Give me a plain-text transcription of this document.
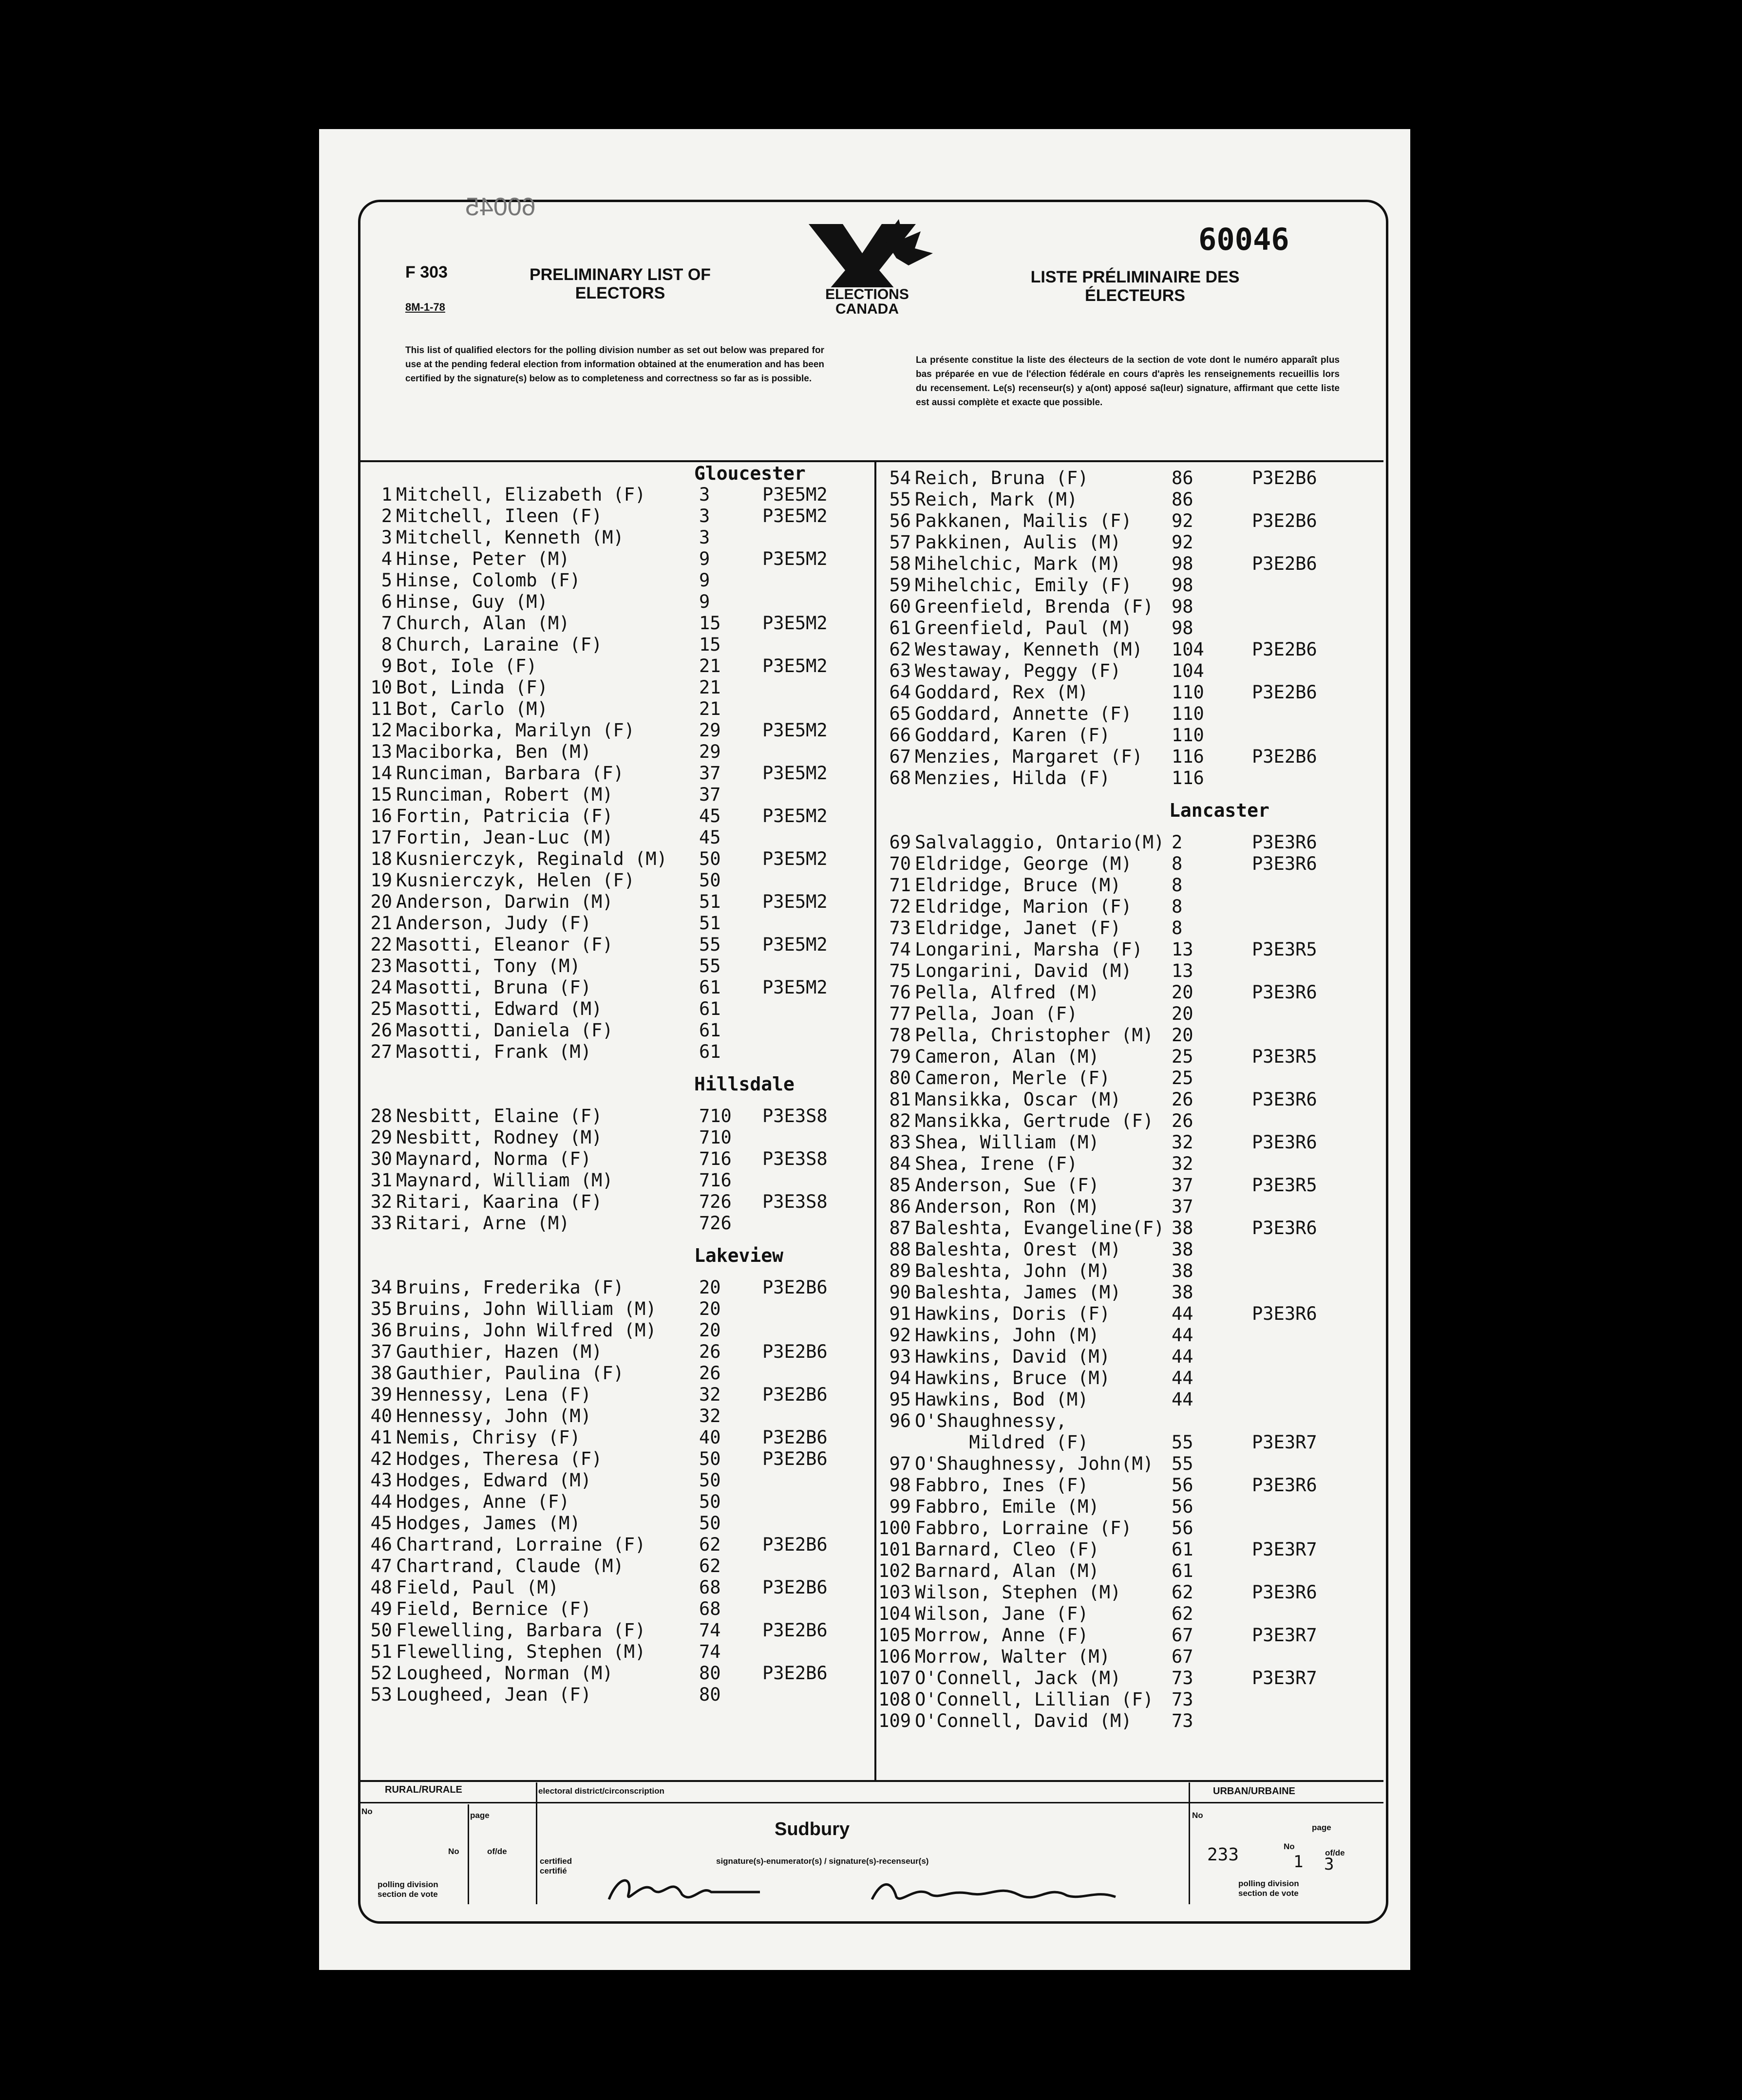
60045
F 303
8M-1-78
PRELIMINARY LIST OF ELECTORS
LISTE PRÉLIMINAIRE DES ÉLECTEURS
60046
ELECTIONS CANADA
This list of qualified electors for the polling division number as set out below was prepared for use at the pending federal election from information obtained at the enumeration and has been certified by the signature(s) below as to completeness and correctness so far as is possible.
La présente constitue la liste des électeurs de la section de vote dont le numéro apparaît plus bas préparée en vue de l'élection fédérale en cours d'après les renseignements recueillis lors du recensement. Le(s) recenseur(s) y a(ont) apposé sa(leur) signature, affirmant que cette liste est aussi complète et exacte que possible.
Gloucester
1 Mitchell, Elizabeth (F)	3	P3E5M2
2 Mitchell, Ileen (F)	3	P3E5M2
3 Mitchell, Kenneth (M)	3
4 Hinse, Peter (M)	9	P3E5M2
5 Hinse, Colomb (F)	9
6 Hinse, Guy (M)	9
7 Church, Alan (M)	15 P3E5M2
8 Church, Laraine (F)	15
9 Bot, Iole (F)	21 P3E5M2
10 Bot, Linda (F)	21
11 Bot, Carlo (M)	21
12 Maciborka, Marilyn (F)	29 P3E5M2
13 Maciborka, Ben (M)	29
14 Runciman, Barbara (F)	37 P3E5M2
15 Runciman, Robert (M)	37
16 Fortin, Patricia (F)	45 P3E5M2
17 Fortin, Jean-Luc (M)	45
18 Kusnierczyk, Reginald (M) 50 P3E5M2
19 Kusnierczyk, Helen (F)	50
20 Anderson, Darwin (M)	51 P3E5M2
21 Anderson, Judy (F)	51
22 Masotti, Eleanor (F)	55 P3E5M2
23 Masotti, Tony (M)	55
24 Masotti, Bruna (F)	61 P3E5M2
25 Masotti, Edward (M)	61
26 Masotti, Daniela (F)	61
27 Masotti, Frank (M)	61
Hillsdale
28 Nesbitt, Elaine (F)	710 P3E3S8
29 Nesbitt, Rodney (M)	710
30 Maynard, Norma (F)	716 P3E3S8
31 Maynard, William (M)	716
32 Ritari, Kaarina (F)	726 P3E3S8
33 Ritari, Arne (M)	726
Lakeview
34 Bruins, Frederika (F)	20 P3E2B6
35 Bruins, John William (M) 20
36 Bruins, John Wilfred (M) 20
37 Gauthier, Hazen (M)	26 P3E2B6
38 Gauthier, Paulina (F)	26
39 Hennessy, Lena (F)	32 P3E2B6
40 Hennessy, John (M)	32
41 Nemis, Chrisy (F)	40 P3E2B6
42 Hodges, Theresa (F)	50 P3E2B6
43 Hodges, Edward (M)	50
44 Hodges, Anne (F)	50
45 Hodges, James (M)	50
46 Chartrand, Lorraine (F)	62 P3E2B6
47 Chartrand, Claude (M)	62
48 Field, Paul (M)	68 P3E2B6
49 Field, Bernice (F)	68
50 Flewelling, Barbara (F)	74 P3E2B6
51 Flewelling, Stephen (M)	74
52 Lougheed, Norman (M)	80 P3E2B6
53 Lougheed, Jean (F)	80
54 Reich, Bruna (F)	86	P3E2B6
55 Reich, Mark (M)	86
56 Pakkanen, Mailis (F) 92	P3E2B6
57 Pakkinen, Aulis (M)	92
58 Mihelchic, Mark (M)	98	P3E2B6
59 Mihelchic, Emily (F) 98
60 Greenfield, Brenda (F) 98
61 Greenfield, Paul (M) 98
62 Westaway, Kenneth (M) 104	P3E2B6
63 Westaway, Peggy (F)	104
64 Goddard, Rex (M)	110	P3E2B6
65 Goddard, Annette (F) 110
66 Goddard, Karen (F)	110
67 Menzies, Margaret (F) 116	P3E2B6
68 Menzies, Hilda (F)	116
Lancaster
69 Salvalaggio, Ontario(M) 2	P3E3R6
70 Eldridge, George (M) 8	P3E3R6
71 Eldridge, Bruce (M)	8
72 Eldridge, Marion (F) 8
73 Eldridge, Janet (F)	8
74 Longarini, Marsha (F) 13	P3E3R5
75 Longarini, David (M) 13
76 Pella, Alfred (M)	20	P3E3R6
77 Pella, Joan (F)	20
78 Pella, Christopher (M) 20
79 Cameron, Alan (M)	25	P3E3R5
80 Cameron, Merle (F)	25
81 Mansikka, Oscar (M)	26	P3E3R6
82 Mansikka, Gertrude (F) 26
83 Shea, William (M)	32	P3E3R6
84 Shea, Irene (F)	32
85 Anderson, Sue (F)	37	P3E3R5
86 Anderson, Ron (M)	37
87 Baleshta, Evangeline(F) 38	P3E3R6
88 Baleshta, Orest (M)	38
89 Baleshta, John (M)	38
90 Baleshta, James (M)	38
91 Hawkins, Doris (F)	44	P3E3R6
92 Hawkins, John (M)	44
93 Hawkins, David (M)	44
94 Hawkins, Bruce (M)	44
95 Hawkins, Bod (M)	44
96 O'Shaughnessy,
Mildred (F)	55	P3E3R7
97 O'Shaughnessy, John(M) 55
98 Fabbro, Ines (F)	56	P3E3R6
99 Fabbro, Emile (M)	56
100 Fabbro, Lorraine (F) 56
101 Barnard, Cleo (F)	61	P3E3R7
102 Barnard, Alan (M)	61
103 Wilson, Stephen (M)	62	P3E3R6
104 Wilson, Jane (F)	62
105 Morrow, Anne (F)	67	P3E3R7
106 Morrow, Walter (M)	67
107 O'Connell, Jack (M)	73	P3E3R7
108 O'Connell, Lillian (F) 73
109 O'Connell, David (M) 73
RURAL/RURALE	electoral district/circonscription	URBAN/URBAINE
No	page
No	of/de
Sudbury
certified certifié
signature(s)-enumerator(s) / signature(s)-recenseur(s)
polling division section de vote
No
page
233	No
1	of/de
3
polling division section de vote
